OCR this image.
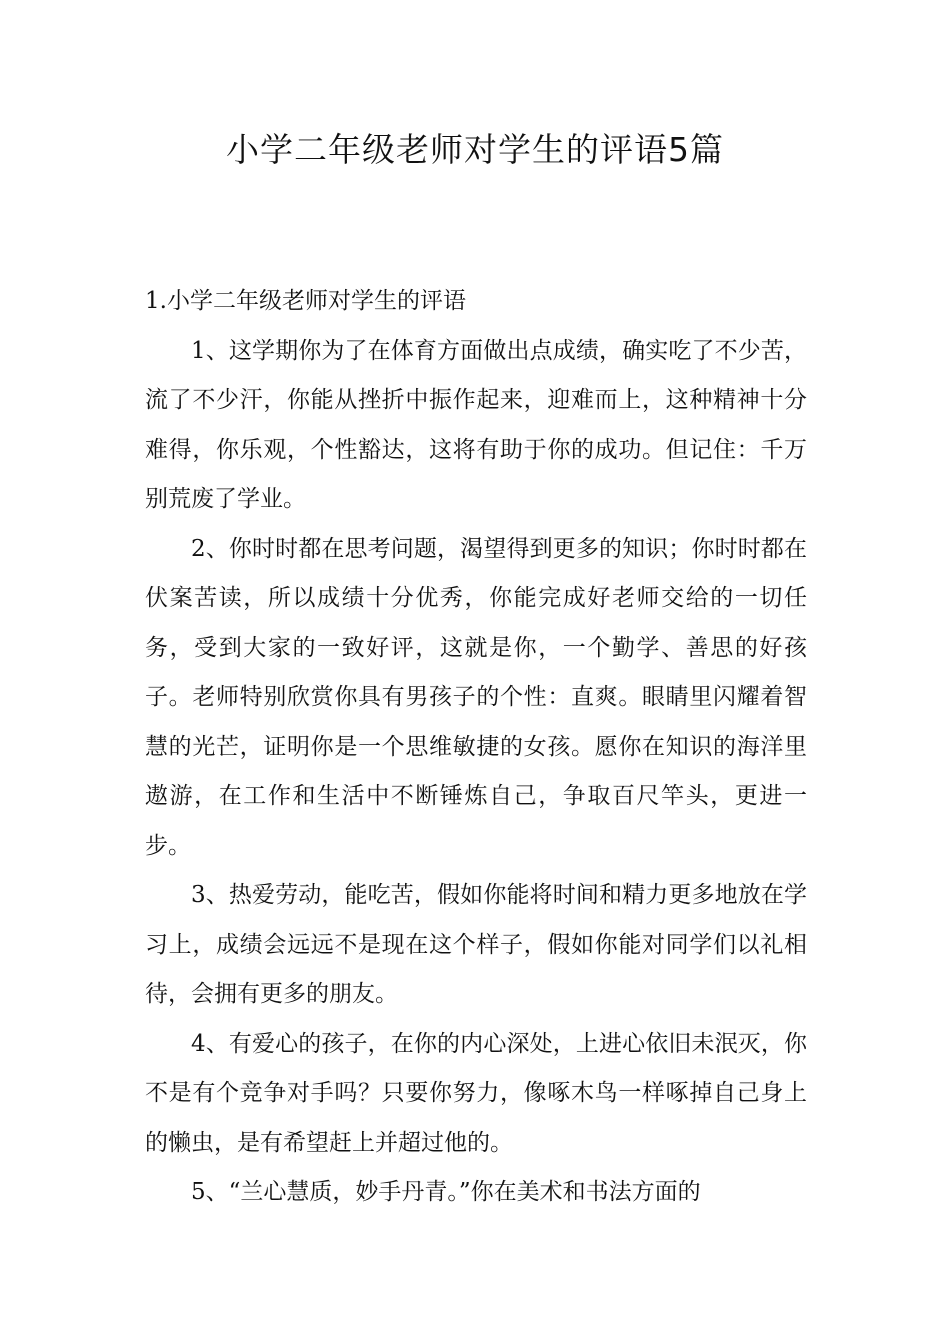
小学二年级老师对学生的评语5篇
1.小学二年级老师对学生的评语

1、这学期你为了在体育方面做出点成绩，确实吃了不少苦，流了不少汗，你能从挫折中振作起来，迎难而上，这种精神十分难得，你乐观，个性豁达，这将有助于你的成功。但记住：千万别荒废了学业。

2、你时时都在思考问题，渴望得到更多的知识；你时时都在伏案苦读，所以成绩十分优秀，你能完成好老师交给的一切任务，受到大家的一致好评，这就是你，一个勤学、善思的好孩子。老师特别欣赏你具有男孩子的个性：直爽。眼睛里闪耀着智慧的光芒，证明你是一个思维敏捷的女孩。愿你在知识的海洋里遨游，在工作和生活中不断锤炼自己，争取百尺竿头，更进一步。

3、热爱劳动，能吃苦，假如你能将时间和精力更多地放在学习上，成绩会远远不是现在这个样子，假如你能对同学们以礼相待，会拥有更多的朋友。

4、有爱心的孩子，在你的内心深处，上进心依旧未泯灭，你不是有个竞争对手吗？只要你努力，像啄木鸟一样啄掉自己身上的懒虫，是有希望赶上并超过他的。

5、“兰心慧质，妙手丹青。”你在美术和书法方面的
